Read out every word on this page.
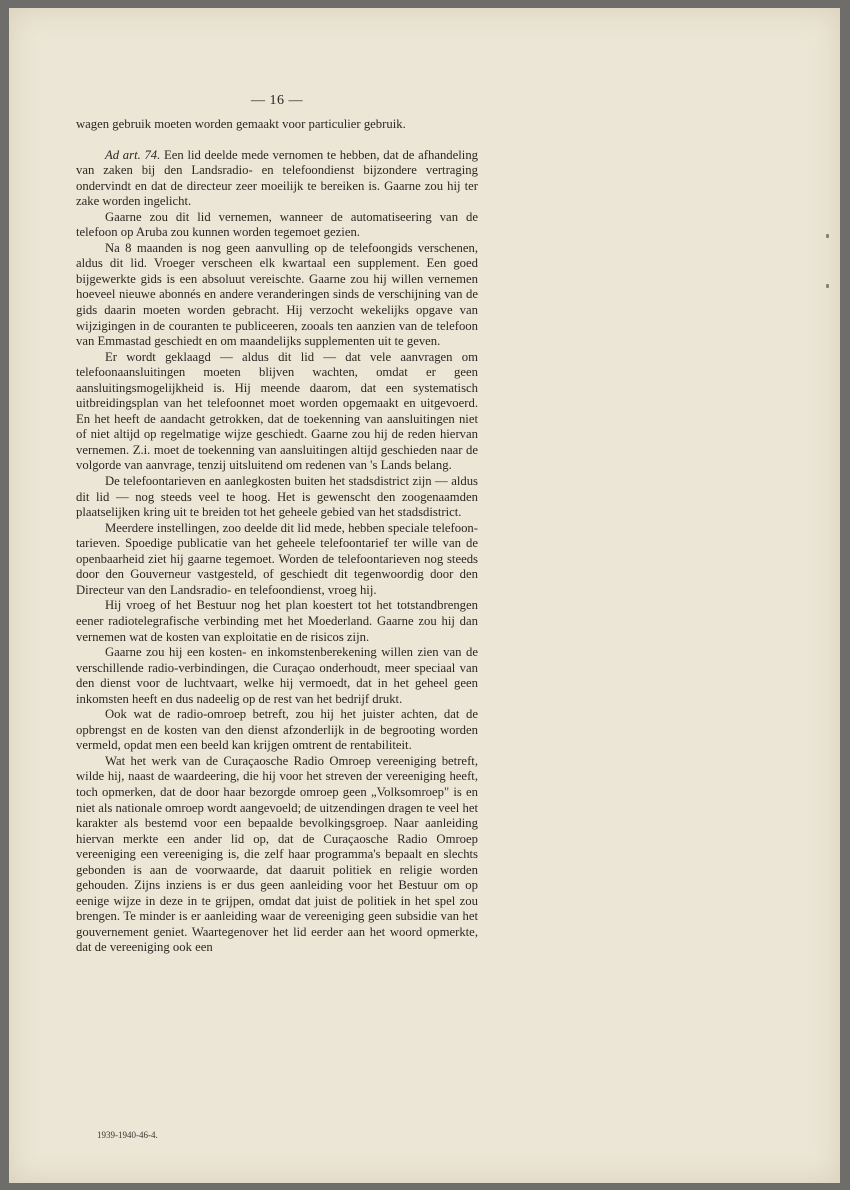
— 16 —

wagen gebruik moeten worden gemaakt voor particulier gebruik.

Ad art. 74. Een lid deelde mede vernomen te hebben, dat de afhandeling van zaken bij den Landsradio- en telefoondienst bijzondere vertraging ondervindt en dat de directeur zeer moeilijk te bereiken is. Gaarne zou hij ter zake worden ingelicht.

Gaarne zou dit lid vernemen, wanneer de automatiseering van de telefoon op Aruba zou kunnen worden tegemoet gezien.

Na 8 maanden is nog geen aanvulling op de telefoongids verschenen, aldus dit lid. Vroeger verscheen elk kwartaal een supplement. Een goed bijgewerkte gids is een absoluut vereischte. Gaarne zou hij willen vernemen hoeveel nieuwe abonnés en andere veranderingen sinds de verschijning van de gids daarin moeten worden gebracht. Hij verzocht wekelijks opgave van wijzigingen in de couranten te publiceeren, zooals ten aanzien van de telefoon van Emmastad geschiedt en om maandelijks supplementen uit te geven.

Er wordt geklaagd — aldus dit lid — dat vele aanvragen om telefoonaansluitingen moeten blijven wachten, omdat er geen aansluitingsmogelijkheid is. Hij meende daarom, dat een systematisch uitbreidingsplan van het telefoonnet moet worden opgemaakt en uitgevoerd. En het heeft de aandacht getrokken, dat de toekenning van aansluitingen niet of niet altijd op regelmatige wijze geschiedt. Gaarne zou hij de reden hiervan vernemen. Z.i. moet de toekenning van aansluitingen altijd geschieden naar de volgorde van aanvrage, tenzij uitsluitend om redenen van 's Lands belang.

De telefoontarieven en aanlegkosten buiten het stadsdistrict zijn — aldus dit lid — nog steeds veel te hoog. Het is gewenscht den zoogenaamden plaatselijken kring uit te breiden tot het geheele gebied van het stadsdistrict.

Meerdere instellingen, zoo deelde dit lid mede, hebben speciale telefoon-tarieven. Spoedige publicatie van het geheele telefoontarief ter wille van de openbaarheid ziet hij gaarne tegemoet. Worden de telefoontarieven nog steeds door den Gouverneur vastgesteld, of geschiedt dit tegenwoordig door den Directeur van den Landsradio- en telefoondienst, vroeg hij.

Hij vroeg of het Bestuur nog het plan koestert tot het totstandbrengen eener radiotelegrafische verbinding met het Moederland. Gaarne zou hij dan vernemen wat de kosten van exploitatie en de risicos zijn.

Gaarne zou hij een kosten- en inkomstenberekening willen zien van de verschillende radio-verbindingen, die Curaçao onderhoudt, meer speciaal van den dienst voor de luchtvaart, welke hij vermoedt, dat in het geheel geen inkomsten heeft en dus nadeelig op de rest van het bedrijf drukt.

Ook wat de radio-omroep betreft, zou hij het juister achten, dat de opbrengst en de kosten van den dienst afzonderlijk in de begrooting worden vermeld, opdat men een beeld kan krijgen omtrent de rentabiliteit.

Wat het werk van de Curaçaosche Radio Omroep vereeniging betreft, wilde hij, naast de waardeering, die hij voor het streven der vereeniging heeft, toch opmerken, dat de door haar bezorgde omroep geen „Volksomroep" is en niet als nationale omroep wordt aangevoeld; de uitzendingen dragen te veel het karakter als bestemd voor een bepaalde bevolkingsgroep. Naar aanleiding hiervan merkte een ander lid op, dat de Curaçaosche Radio Omroep vereeniging een vereeniging is, die zelf haar programma's bepaalt en slechts gebonden is aan de voorwaarde, dat daaruit politiek en religie worden gehouden. Zijns inziens is er dus geen aanleiding voor het Bestuur om op eenige wijze in deze in te grijpen, omdat dat juist de politiek in het spel zou brengen. Te minder is er aanleiding waar de vereeniging geen subsidie van het gouvernement geniet. Waartegenover het lid eerder aan het woord opmerkte, dat de vereeniging ook een

1939-1940-46-4.
